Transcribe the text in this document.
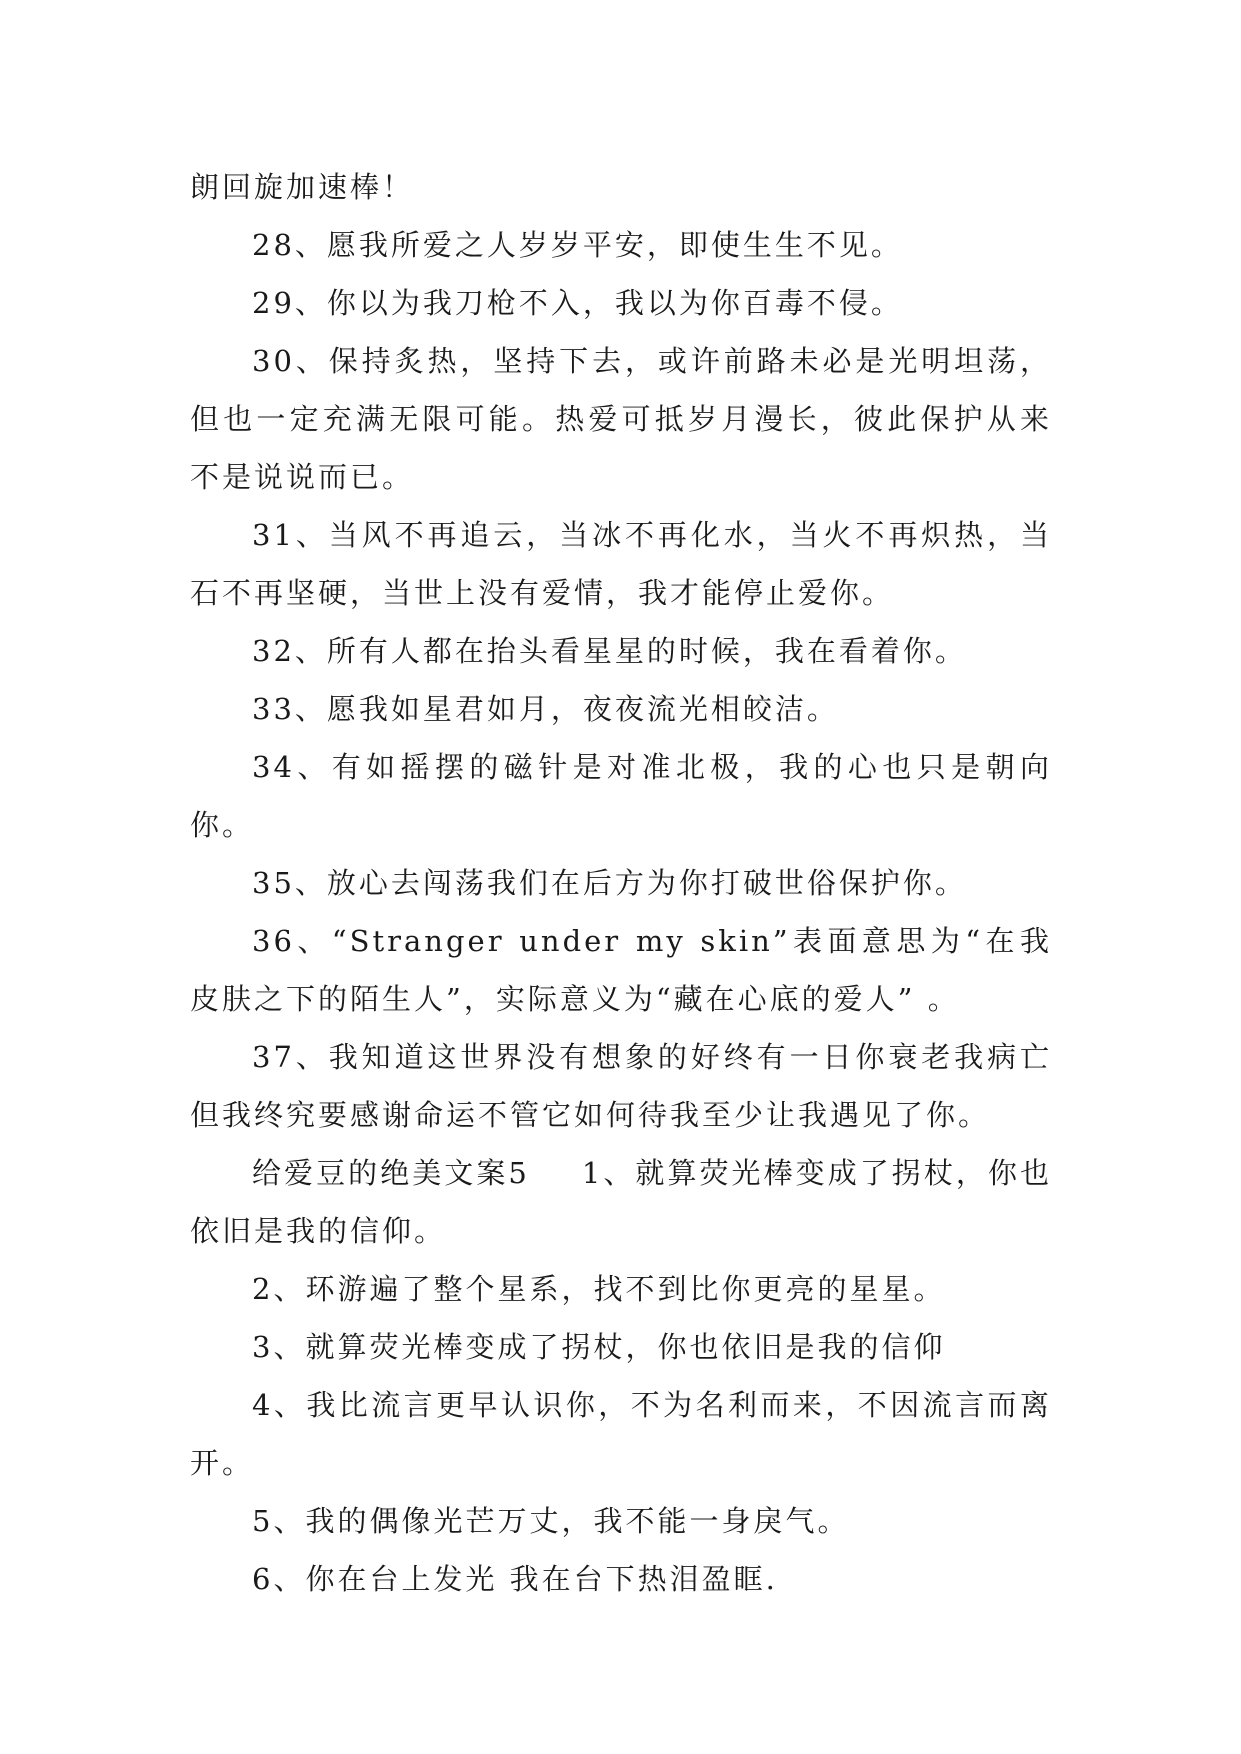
朗回旋加速棒！

28、愿我所爱之人岁岁平安，即使生生不见。

29、你以为我刀枪不入，我以为你百毒不侵。

30、保持炙热，坚持下去，或许前路未必是光明坦荡，但也一定充满无限可能。热爱可抵岁月漫长，彼此保护从来不是说说而已。

31、当风不再追云，当冰不再化水，当火不再炽热，当石不再坚硬，当世上没有爱情，我才能停止爱你。

32、所有人都在抬头看星星的时候，我在看着你。

33、愿我如星君如月，夜夜流光相皎洁。

34、有如摇摆的磁针是对准北极，我的心也只是朝向你。

35、放心去闯荡我们在后方为你打破世俗保护你。

36、“Stranger under my skin”表面意思为“在我皮肤之下的陌生人”，实际意义为“藏在心底的爱人” 。

37、我知道这世界没有想象的好终有一日你衰老我病亡但我终究要感谢命运不管它如何待我至少让我遇见了你。

给爱豆的绝美文案5 1、就算荧光棒变成了拐杖，你也依旧是我的信仰。

2、环游遍了整个星系，找不到比你更亮的星星。

3、就算荧光棒变成了拐杖，你也依旧是我的信仰

4、我比流言更早认识你，不为名利而来，不因流言而离开。

5、我的偶像光芒万丈，我不能一身戾气。

6、你在台上发光 我在台下热泪盈眶.
